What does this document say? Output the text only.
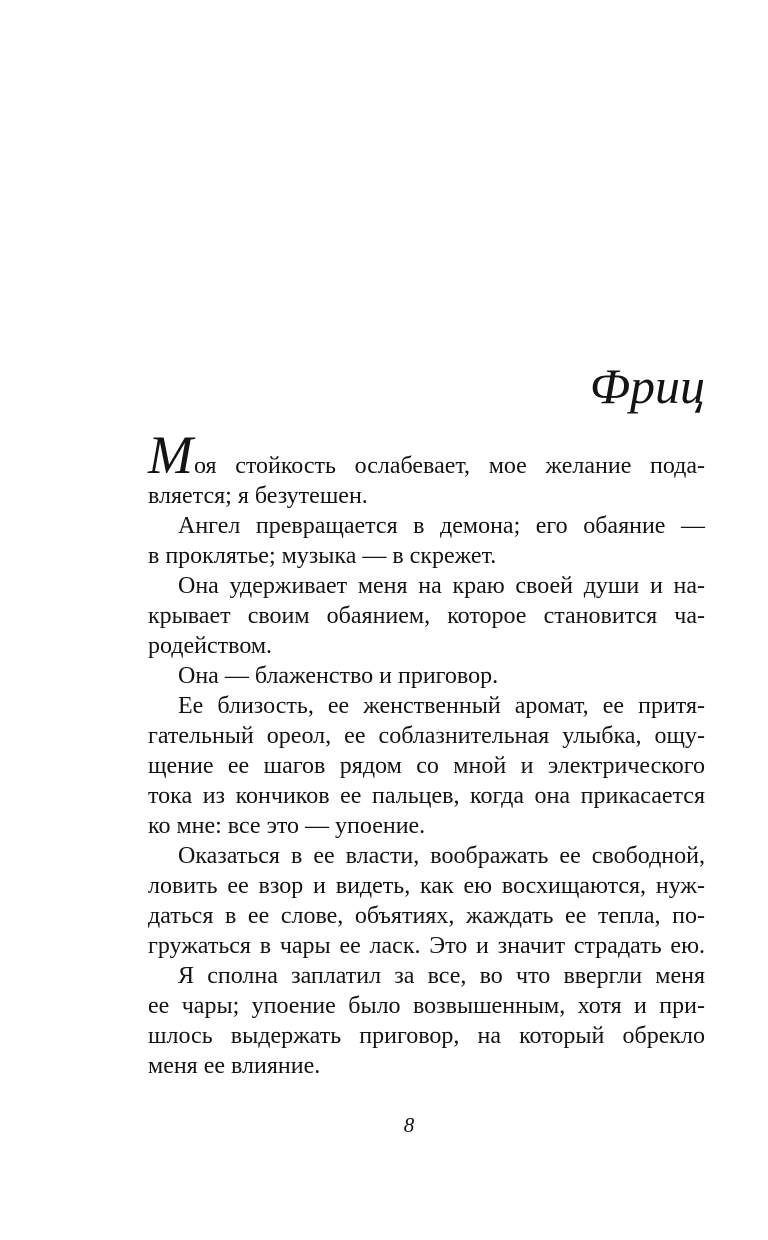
Фриц
Моя стойкость ослабевает, мое желание пода-
вляется; я безутешен.
Ангел превращается в демона; его обаяние —
в проклятье; музыка — в скрежет.
Она удерживает меня на краю своей души и на-
крывает своим обаянием, которое становится ча-
родейством.
Она — блаженство и приговор.
Ее близость, ее женственный аромат, ее притя-
гательный ореол, ее соблазнительная улыбка, ощу-
щение ее шагов рядом со мной и электрического
тока из кончиков ее пальцев, когда она прикасается
ко мне: все это — упоение.
Оказаться в ее власти, воображать ее свободной,
ловить ее взор и видеть, как ею восхищаются, нуж-
даться в ее слове, объятиях, жаждать ее тепла, по-
гружаться в чары ее ласк. Это и значит страдать ею.
Я сполна заплатил за все, во что ввергли меня
ее чары; упоение было возвышенным, хотя и при-
шлось выдержать приговор, на который обрекло
меня ее влияние.
8
